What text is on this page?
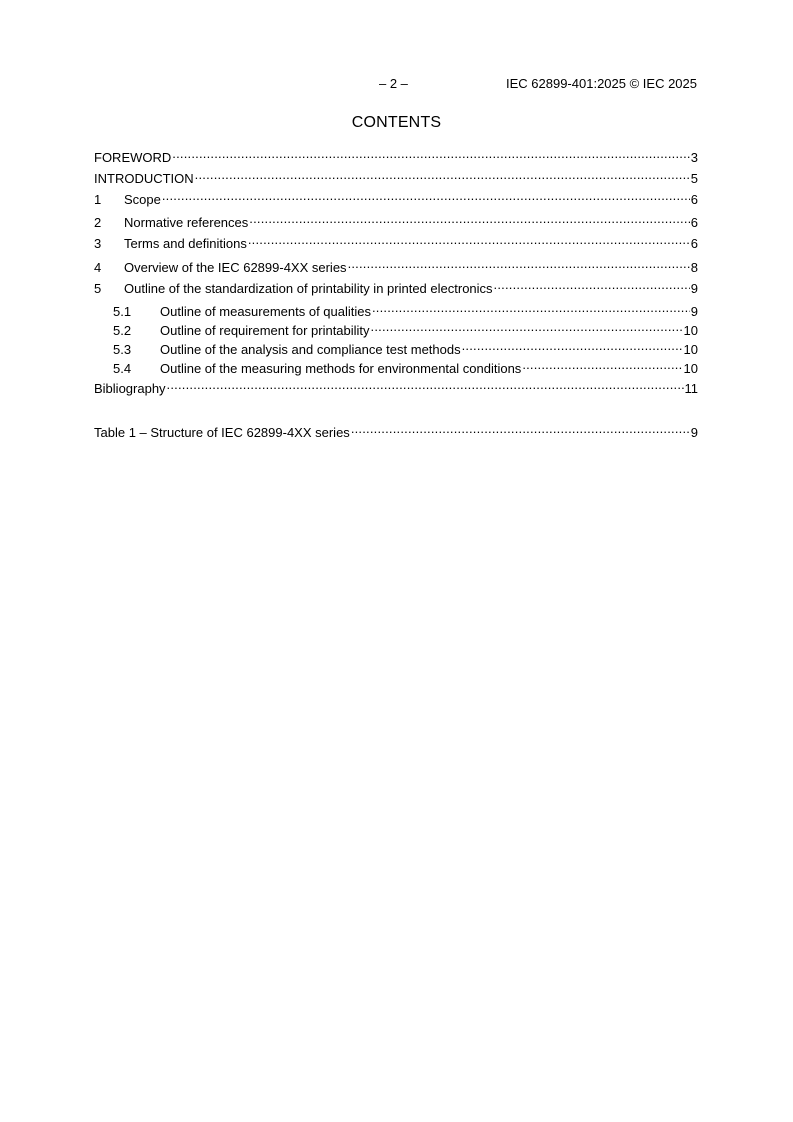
– 2 –	IEC 62899-401:2025 © IEC 2025
CONTENTS
FOREWORD .....	3
INTRODUCTION .....	5
1	Scope .....	6
2	Normative references .....	6
3	Terms and definitions .....	6
4	Overview of the IEC 62899-4XX series .....	8
5	Outline of the standardization of printability in printed electronics .....	9
5.1	Outline of measurements of qualities .....	9
5.2	Outline of requirement for printability .....	10
5.3	Outline of the analysis and compliance test methods .....	10
5.4	Outline of the measuring methods for environmental conditions .....	10
Bibliography .....	11
Table 1 – Structure of IEC 62899-4XX series .....	9
